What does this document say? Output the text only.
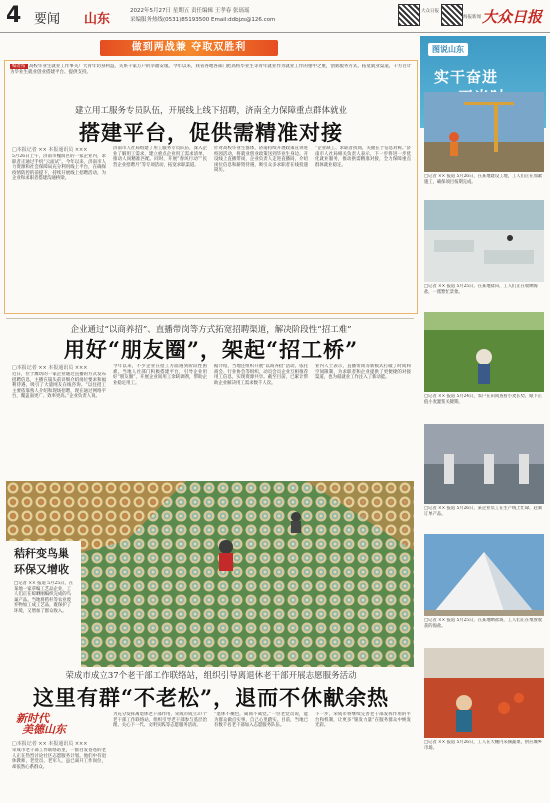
4 要闻 山东
2022年5月27日 星期五 责任编辑 王孝春 张瑶瑶
采编服务热线(0531)85193500 Email:ddbjzs@126.com
大众日报
海报新闻 大众日报
做到两战兼 夺取双胜利
编者按 高校毕业生就业工作事关广大青年切身利益，关系千家万户的幸福安康。今年以来，我省各地各部门把高校毕业生等青年就业作为就业工作的重中之重，创新服务方式，拓宽就业渠道，千方百计为毕业生就业创业搭建平台、提供支持。
建立用工服务专员队伍，开展线上线下招聘，济南全力保障重点群体就业
搭建平台，促供需精准对接
□本报记者 ×× 本报通讯员 ×××
5月26日上午，济南市槐荫区的一家企业内，求职者正通过手机“云面试”。今年以来，济南市人力资源和社会保障局充分利用线上平台，在确保疫情防控的前提下，持续开展线上招聘活动，为企业和求职者搭建沟通桥梁。
济南市人社局组建了用工服务专员队伍，深入企业了解用工需求，建立重点企业用工需求清单，推动人岗精准匹配。同时，开展“春风行动”“民营企业招聘月”等专项活动，拓宽求职渠道。
针对高校毕业生群体，济南持续开展政策宣讲进校园活动，将就业创业政策送到毕业生身边。开设线上直播带岗，企业负责人走进直播间，介绍岗位信息和薪资待遇，吸引众多求职者在线投递简历。
“企业缺工、求职者找岗，关键在于信息对称。”济南市人社局相关负责人表示，下一步将进一步优化就业服务，推动供需精准对接，全力保障重点群体就业稳定。
企业通过“以商养招”、直播带岗等方式拓宽招聘渠道，解决阶段性“招工难”
用好“朋友圈”，架起“招工桥”
□本报记者 ×× 本报通讯员 ×××
近日，位于潍坊的一家企业通过直播的方式发布招聘信息，主播在镜头前详细介绍岗位要求和福利待遇，吸引了大量网友在线咨询。“以往招工主要依靠熟人介绍和现场招聘，现在通过网络平台，覆盖面更广、效率更高。”企业负责人说。
今年以来，不少企业在招工方面遇到阶段性困难。当地人社部门积极搭建平台，引导企业用好“朋友圈”，开展企业间用工余缺调剂，帮助企业稳定用工。
据介绍，当地还组织开展“以商养招”活动，依托商会、行业协会等组织，动员会员企业互相推荐用工信息，实现资源共享。截至目前，已累计帮助企业解决用工需求数千人次。
业内人士表示，直播带岗等新模式打破了时间和空间限制，为求职者和企业提供了更便捷的对接渠道，也为稳就业工作注入了新动能。
秸秆变鸟巢
环保又增收
□记者 ×× 报道 5月25日，在某地一家草编工艺品企业，工人们正在晾晒刚编织完成的鸟巢产品。当地将秸秆等农业废弃物加工成工艺品，既保护了环境，又增加了群众收入。
荣成市成立37个老干部工作联络站，组织引导离退休老干部开展志愿服务活动
这里有群“不老松”，退而不休献余热
新时代
美德山东
□本报记者 ×× 本报通讯员 ×××
荣成市老干部工作联络站里，一群白发苍苍的老人正在热烈讨论社区志愿服务计划。他们中有退休教师、老党员、老军人，虽已离开工作岗位，却依然心系群众。
为充分发挥离退休老干部作用，荣成市成立37个老干部工作联络站，组织引导老干部参与基层治理、关心下一代、文明实践等志愿服务活动。
“退休不褪色，离岗不离党。”一位老党员说，能为群众做点实事，自己心里踏实。目前，当地已有数千名老干部加入志愿服务队伍。
下一步，荣成市将继续完善老干部发挥作用的平台和机制，让更多“银发力量”在服务群众中焕发光彩。
图说山东
实干奋进
□记者 ×× 报道 5月26日，在某地建设工地，工人们正在加紧施工，确保项目按期完成。
□记者 ×× 报道 5月25日，在某地盐田，工人们正在收晒海盐，一派繁忙景象。
□记者 ×× 报道 5月24日，农户在田间查看小麦长势，眼下正值小麦灌浆关键期。
□记者 ×× 报道 5月26日，某企业员工在生产线上忙碌，赶制订单产品。
□记者 ×× 报道 5月25日，在某地晒盐场，工人们正在堆放收获的海盐。
□记者 ×× 报道 5月26日，工人在大棚内采摘蔬菜，供应城乡市场。
